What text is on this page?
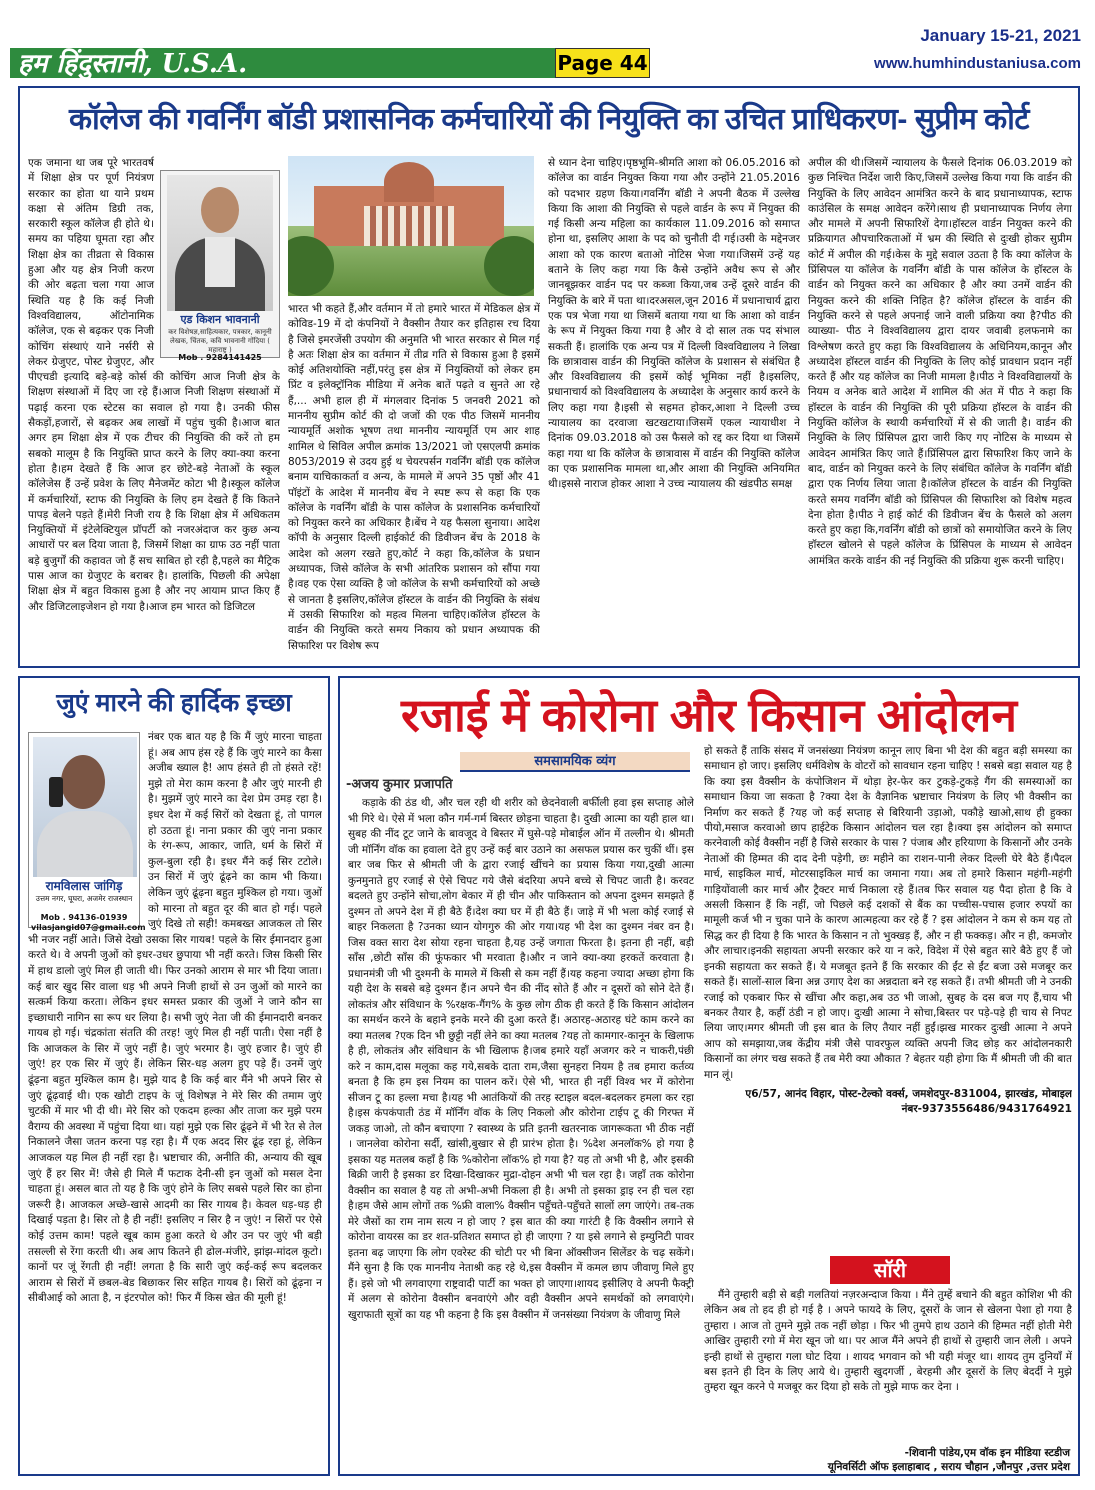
हम हिंदुस्तानी, U.S.A.	Page 44
January 15-21, 2021
www.humhindustaniusa.com
कॉलेज की गवर्निंग बॉडी प्रशासनिक कर्मचारियों की नियुक्ति का उचित प्राधिकरण- सुप्रीम कोर्ट
एड किशन भावनानी
कर विशेषज्ञ,साहित्यकार, पत्रकार, कानूनी लेखक, चिंतक, कवि भावनानी गोंदिया ( महाराष्ट्र )
Mob . 9284141425

एक जमाना था जब पूरे भारतवर्ष में शिक्षा क्षेत्र पर पूर्ण नियंत्रण सरकार का होता था याने प्रथम कक्षा से अंतिम डिग्री तक, सरकारी स्कूल कॉलेज ही होते थे। समय का पहिया घूमता रहा और शिक्षा क्षेत्र का तीव्रता से विकास हुआ और यह क्षेत्र निजी करण की ओर बढ़ता चला गया आज स्थिति यह है कि कई निजी विश्वविद्यालय, ऑटोनामिक कॉलेज, एक से बढ़कर एक निजी कोचिंग संस्थाएं याने नर्सरी से लेकर ग्रेजुएट, पोस्ट ग्रेजुएट, और पीएचडी इत्यादि बड़े-बड़े कोर्स की कोचिंग आज निजी क्षेत्र के शिक्षण संस्थाओं में दिए जा रहे हैं।आज निजी शिक्षण संस्थाओं में पढ़ाई करना एक स्टेटस का सवाल हो गया है। उनकी फीस सैकड़ों,हजारों, से बढ़कर अब लाखों में पहुंच चुकी है।आज बात अगर हम शिक्षा क्षेत्र में एक टीचर की नियुक्ति की करें तो हम सबको मालूम है कि नियुक्ति प्राप्त करने के लिए क्या-क्या करना होता है।हम देखते हैं कि आज हर छोटे-बड़े नेताओं के स्कूल कॉलेजेस हैं उन्हें प्रवेश के लिए मैनेजमेंट कोटा भी है।स्कूल कॉलेज में कर्मचारियों, स्टाफ की नियुक्ति के लिए हम देखते हैं कि कितने पापड़ बेलने पड़ते हैं।मेरी निजी राय है कि शिक्षा क्षेत्र में अधिकतम नियुक्तियों में इंटेलेक्टियुल प्रॉपर्टी को नजरअंदाज कर कुछ अन्य आधारों पर बल दिया जाता है, जिसमें शिक्षा का ग्राफ उठ नहीं पाता बड़े बुजुर्गों की कहावत जो हैं सच साबित हो रही है,पहले का मैट्रिक पास आज का ग्रेजुएट के बराबर है। हालांकि, पिछली की अपेक्षा शिक्षा क्षेत्र में बहुत विकास हुआ है और नए आयाम प्राप्त किए हैं और डिजिटलाइजेशन हो गया है।आज हम भारत को डिजिटल

भारत भी कहते हैं,और वर्तमान में तो हमारे भारत में मेडिकल क्षेत्र में कोविड-19 में दो कंपनियों ने वैक्सीन तैयार कर इतिहास रच दिया है जिसे इमरजेंसी उपयोग की अनुमति भी भारत सरकार से मिल गई है अतः शिक्षा क्षेत्र का वर्तमान में तीव्र गति से विकास हुआ है इसमें कोई अतिशयोक्ति नहीं,परंतु इस क्षेत्र में नियुक्तियों को लेकर हम प्रिंट व इलेक्ट्रॉनिक मीडिया में अनेक बातें पढ़ते व सुनते आ रहे हैं,... अभी हाल ही में मंगलवार दिनांक 5 जनवरी 2021 को माननीय सुप्रीम कोर्ट की दो जजों की एक पीठ जिसमें माननीय न्यायमूर्ति अशोक भूषण तथा माननीय न्यायमूर्ति एम आर शाह शामिल थे सिविल अपील क्रमांक 13/2021 जो एसएलपी क्रमांक 8053/2019 से उदय हुई थ चेयरपर्सन गवर्निंग बॉडी एक कॉलेज बनाम याचिकाकर्ता व अन्य, के मामले में अपने 35 पृष्ठों और 41 पॉइंटों के आदेश में माननीय बेंच ने स्पष्ट रूप से कहा कि एक कॉलेज के गवर्निंग बॉडी के पास कॉलेज के प्रशासनिक कर्मचारियों को नियुक्त करने का अधिकार है।बेंच ने यह फैसला सुनाया। आदेश कॉपी के अनुसार दिल्ली हाईकोर्ट की डिवीजन बेंच के 2018 के आदेश को अलग रखते हुए,कोर्ट ने कहा कि,कॉलेज के प्रधान अध्यापक, जिसे कॉलेज के सभी आंतरिक प्रशासन को सौंपा गया है।वह एक ऐसा व्यक्ति है जो कॉलेज के सभी कर्मचारियों को अच्छे से जानता है इसलिए,कॉलेज हॉस्टल के वार्डन की नियुक्ति के संबंध में उसकी सिफारिश को महत्व मिलना चाहिए।कॉलेज हॉस्टल के वार्डन की नियुक्ति करते समय निकाय को प्रधान अध्यापक की सिफारिश पर विशेष रूप

से ध्यान देना चाहिए।पृष्ठभूमि-श्रीमति आशा को 06.05.2016 को कॉलेज का वार्डन नियुक्त किया गया और उन्होंने 21.05.2016 को पदभार ग्रहण किया।गवर्निंग बॉडी ने अपनी बैठक में उल्लेख किया कि आशा की नियुक्ति से पहले वार्डन के रूप में नियुक्त की गई किसी अन्य महिला का कार्यकाल 11.09.2016 को समाप्त होना था, इसलिए आशा के पद को चुनौती दी गई।उसी के मद्देनजर आशा को एक कारण बताओ नोटिस भेजा गया।जिसमें उन्हें यह बताने के लिए कहा गया कि कैसे उन्होंने अवैध रूप से और जानबूझकर वार्डन पद पर कब्जा किया,जब उन्हें दूसरे वार्डन की नियुक्ति के बारे में पता था।दरअसल,जून 2016 में प्रधानाचार्य द्वारा एक पत्र भेजा गया था जिसमें बताया गया था कि आशा को वार्डन के रूप में नियुक्त किया गया है और वे दो साल तक पद संभाल सकती हैं। हालांकि एक अन्य पत्र में दिल्ली विश्वविद्यालय ने लिखा कि छात्रावास वार्डन की नियुक्ति कॉलेज के प्रशासन से संबंधित है और विश्वविद्यालय की इसमें कोई भूमिका नहीं है।इसलिए, प्रधानाचार्य को विश्वविद्यालय के अध्यादेश के अनुसार कार्य करने के लिए कहा गया है।इसी से सहमत होकर,आशा ने दिल्ली उच्च न्यायालय का दरवाजा खटखटाया।जिसमें एकल न्यायाधीश ने दिनांक 09.03.2018 को उस फैसले को रद्द कर दिया था जिसमें कहा गया था कि कॉलेज के छात्रावास में वार्डन की नियुक्ति कॉलेज का एक प्रशासनिक मामला था,और आशा की नियुक्ति अनियमित थी।इससे नाराज होकर आशा ने उच्च न्यायालय की खंडपीठ समक्ष

अपील की थी।जिसमें न्यायालय के फैसले दिनांक 06.03.2019 को कुछ निश्चित निर्देश जारी किए,जिसमें उल्लेख किया गया कि वार्डन की नियुक्ति के लिए आवेदन आमंत्रित करने के बाद प्रधानाध्यापक, स्टाफ काउंसिल के समक्ष आवेदन करेंगे।साथ ही प्रधानाध्यापक निर्णय लेगा और मामले में अपनी सिफारिशें देगा।हॉस्टल वार्डन नियुक्त करने की प्रक्रियागत औपचारिकताओं में भ्रम की स्थिति से दुःखी होकर सुप्रीम कोर्ट में अपील की गई।केस के मुद्दे सवाल उठता है कि क्या कॉलेज के प्रिंसिपल या कॉलेज के गवर्निंग बॉडी के पास कॉलेज के हॉस्टल के वार्डन को नियुक्त करने का अधिकार है और क्या उनमें वार्डन की नियुक्त करने की शक्ति निहित है? कॉलेज हॉस्टल के वार्डन की नियुक्ति करने से पहले अपनाई जाने वाली प्रक्रिया क्या है?पीठ की व्याख्या- पीठ ने विश्वविद्यालय द्वारा दायर जवाबी हलफनामे का विश्लेषण करते हुए कहा कि विश्वविद्यालय के अधिनियम,कानून और अध्यादेश हॉस्टल वार्डन की नियुक्ति के लिए कोई प्रावधान प्रदान नहीं करते हैं और यह कॉलेज का निजी मामला है।पीठ ने विश्वविद्यालयों के नियम व अनेक बाते आदेश में शामिल की अंत में पीठ ने कहा कि हॉस्टल के वार्डन की नियुक्ति की पूरी प्रक्रिया हॉस्टल के वार्डन की नियुक्ति कॉलेज के स्थायी कर्मचारियों में से की जाती है। वार्डन की नियुक्ति के लिए प्रिंसिपल द्वारा जारी किए गए नोटिस के माध्यम से आवेदन आमंत्रित किए जाते हैं।प्रिंसिपल द्वारा सिफारिश किए जाने के बाद, वार्डन को नियुक्त करने के लिए संबंधित कॉलेज के गवर्निंग बॉडी द्वारा एक निर्णय लिया जाता है।कॉलेज हॉस्टल के वार्डन की नियुक्ति करते समय गवर्निंग बॉडी को प्रिंसिपल की सिफारिश को विशेष महत्व देना होता है।पीठ ने हाई कोर्ट की डिवीजन बेंच के फैसले को अलग करते हुए कहा कि,गवर्निंग बॉडी को छात्रों को समायोजित करने के लिए हॉस्टल खोलने से पहले कॉलेज के प्रिंसिपल के माध्यम से आवेदन आमंत्रित करके वार्डन की नई नियुक्ति की प्रक्रिया शुरू करनी चाहिए।

जुएं मारने की हार्दिक इच्छा
रामविलास जांगिड़
उत्तम नगर, घूघरा, अजमेर राजस्थान
Mob . 94136-01939
vilasjangid07@gmail.com

नंबर एक बात यह है कि मैं जुएं मारना चाहता हूं। अब आप हंस रहे हैं कि जुएं मारने का कैसा अजीब ख्याल है! आप हंसते ही तो हंसते रहें! मुझे तो मेरा काम करना है और जुएं मारनी ही है। मुझमें जुएं मारने का देश प्रेम उमड़ रहा है। इधर देश में कई सिरों को देखता हूं, तो पागल हो उठता हूं। नाना प्रकार की जुएं नाना प्रकार के रंग-रूप, आकार, जाति, धर्म के सिरों में कुल-बुला रही है। इधर मैंने कई सिर टटोले। उन सिरों में जुएं ढूंढ़ने का काम भी किया। लेकिन जुएं ढूंढ़ना बहुत मुश्किल हो गया। जुओं को मारना तो बहुत दूर की बात हो गई। पहले जुएं दिखे तो सही! कमबख्त आजकल तो सिर भी नजर नहीं आते। जिसे देखो उसका सिर गायब! पहले के सिर ईमानदार हुआ करते थे। वे अपनी जुओं को इधर-उधर छुपाया भी नहीं करते। जिस किसी सिर में हाथ डालो जुएं मिल ही जाती थी। फिर उनको आराम से मार भी दिया जाता। कई बार खुद सिर वाला धड़ भी अपने निजी हाथों से उन जुओं को मारने का सत्कर्म किया करता। लेकिन इधर समस्त प्रकार की जुओं ने जाने कौन सा इच्छाधारी नागिन सा रूप धर लिया है। सभी जुएं नेता जी की ईमानदारी बनकर गायब हो गई। चंद्रकांता संतति की तरह! जुएं मिल ही नहीं पाती। ऐसा नहीं है कि आजकल के सिर में जुएं नहीं है। जुएं भरमार है। जुएं हजार है। जुएं ही जुएं! हर एक सिर में जुएं हैं। लेकिन सिर-धड़ अलग हुए पड़े हैं। उनमें जुएं ढूंढ़ना बहुत मुश्किल काम है। मुझे याद है कि कई बार मैंने भी अपने सिर से जुएं ढूंढ़वाई थी। एक खोटी टाइप के जूं विशेषज्ञ ने मेरे सिर की तमाम जुएं चुटकी में मार भी दी थी। मेरे सिर को एकदम हल्का और ताजा कर मुझे परम वैराग्य की अवस्था में पहुंचा दिया था। यहां मुझे एक सिर ढूंढ़ने में भी रेत से तेल निकालने जैसा जतन करना पड़ रहा है। मैं एक अदद सिर ढूंढ़ रहा हूं, लेकिन आजकल यह मिल ही नहीं रहा है। भ्रष्टाचार की, अनीति की, अन्याय की खूब जुएं हैं हर सिर में! जैसे ही मिले मैं फटाक देनी-सी इन जुओं को मसल देना चाहता हूं। असल बात तो यह है कि जुएं होने के लिए सबसे पहले सिर का होना जरूरी है। आजकल अच्छे-खासे आदमी का सिर गायब है। केवल धड़-धड़ ही दिखाई पड़ता है। सिर तो है ही नहीं! इसलिए न सिर है न जुएं! न सिरों पर ऐसे कोई उत्तम काम! पहले खूब काम हुआ करते थे और उन पर जुएं भी बड़ी तसल्ली से रेंगा करती थी। अब आप कितने ही ढोल-मंजीरे, झांझ-मांदल कूटो। कानों पर जूं रेंगती ही नहीं! लगता है कि सारी जुएं कई-कई रूप बदलकर आराम से सिरों में छबल-बेड बिछाकर सिर सहित गायब है। सिरों को ढूंढ़ना न सीबीआई को आता है, न इंटरपोल को! फिर मैं किस खेत की मूली हूं!

रजाई में कोरोना और किसान आंदोलन
समसामयिक व्यंग
-अजय कुमार प्रजापति

कड़ाके की ठंड थी, और चल रही थी शरीर को छेदनेवाली बर्फीली हवा इस सप्ताह ओले भी गिरे थे। ऐसे में भला कौन गर्म-गर्म बिस्तर छोड़ना चाहता है। दुखी आत्मा का यही हाल था। सुबह की नींद टूट जाने के बावजूद वे बिस्तर में घुसे-पड़े मोबाईल ऑन में तल्लीन थे। श्रीमती जी मॉर्निंग वॉक का हवाला देते हुए उन्हें कई बार उठाने का असफल प्रयास कर चुकीं थीं। इस बार जब फिर से श्रीमती जी के द्वारा रजाई खींचने का प्रयास किया गया,दुखी आत्मा कुनमुनाते हुए रजाई से ऐसे चिपट गये जैसे बंदरिया अपने बच्चे से चिपट जाती है। करवट बदलते हुए उन्होंने सोचा,लोग बेकार में ही चीन और पाकिस्तान को अपना दुश्मन समझते हैं दुश्मन तो अपने देश में ही बैठे हैं।देश क्या घर में ही बैठे हैं। जाड़े में भी भला कोई रजाई से बाहर निकलता है ?उनका ध्यान योगगुरु की ओर गया।यह भी देश का दुश्मन नंबर वन है। जिस वक्त सारा देश सोया रहना चाहता है,यह उन्हें जगाता फिरता है। इतना ही नहीं, बड़ी साँस ,छोटी साँस की फूंफकार भी मरवाता है।और न जाने क्या-क्या हरकतें करवाता है। प्रधानमंत्री जी भी दुश्मनी के मामले में किसी से कम नहीं हैं।यह कहना ज्यादा अच्छा होगा कि यही देश के सबसे बड़े दुश्मन हैं।न अपने चैन की नींद सोते हैं और न दूसरों को सोने देते हैं। लोकतंत्र और संविधान के %रक्षक-गैंग% के कुछ लोग ठीक ही करते हैं कि किसान आंदोलन का समर्थन करने के बहाने इनके मरने की दुआ करते हैं। अठारह-अठारह घंटे काम करने का क्या मतलब ?एक दिन भी छुट्टी नहीं लेने का क्या मतलब ?यह तो कामगार-कानून के खिलाफ है ही, लोकतंत्र और संविधान के भी खिलाफ है।जब हमारे यहाँ अजगर करे न चाकरी,पंछी करे न काम,दास मलूका कह गये,सबके दाता राम,जैसा सुनहरा नियम है तब हमारा कर्तव्य बनता है कि हम इस नियम का पालन करें। ऐसे भी, भारत ही नहीं विश्व भर में कोरोना सीजन टू का हल्ला मचा है।यह भी आतंकियों की तरह स्टाइल बदल-बदलकर हमला कर रहा है।इस कंपकंपाती ठंड में मॉर्निंग वॉक के लिए निकलो और कोरोना टाईप टू की गिरफ्त में जकड़ जाओ, तो कौन बचाएगा ? स्वास्थ्य के प्रति इतनी खतरनाक जागरूकता भी ठीक नहीं । जानलेवा कोरोना सर्दी, खांसी,बुखार से ही प्रारंभ होता है। %देश अनलॉक% हो गया है इसका यह मतलब कहाँ है कि %कोरोना लॉक% हो गया है? यह तो अभी भी है, और इसकी बिक्री जारी है इसका डर दिखा-दिखाकर मुद्रा-दोहन अभी भी चल रहा है। जहाँ तक कोरोना वैक्सीन का सवाल है यह तो अभी-अभी निकला ही है। अभी तो इसका ड्राइ रन ही चल रहा है।हम जैसे आम लोगों तक %फ्री वाला% वैक्सीन पहुँचते-पहुँचते सालों लग जाएंगे। तब-तक मेरे जैसों का राम नाम सत्य न हो जाए ? इस बात की क्या गारंटी है कि वैक्सीन लगाने से कोरोना वायरस का डर शत-प्रतिशत समाप्त हो ही जाएगा ? या इसे लगाने से इम्युनिटी पावर इतना बढ़ जाएगा कि लोग एवरेस्ट की चोटी पर भी बिना ऑक्सीजन सिलेंडर के चढ़ सकेंगे। मैंने सुना है कि एक माननीय नेताश्री कह रहे थे,इस वैक्सीन में कमल छाप जीवाणु मिले हुए हैं। इसे जो भी लगवाएगा राष्ट्रवादी पार्टी का भक्त हो जाएगा।शायद इसीलिए वे अपनी फैक्ट्री में अलग से कोरोना वैक्सीन बनवाएंगे और वही वैक्सीन अपने समर्थकों को लगवाएंगे। खुराफाती सूत्रों का यह भी कहना है कि इस वैक्सीन में जनसंख्या नियंत्रण के जीवाणु मिले

हो सकते हैं ताकि संसद में जनसंख्या नियंत्रण कानून लाए बिना भी देश की बहुत बड़ी समस्या का समाधान हो जाए। इसलिए धर्मविशेष के वोटरों को सावधान रहना चाहिए ! सबसे बड़ा सवाल यह है कि क्या इस वैक्सीन के कंपोजिशन में थोड़ा हेर-फेर कर टुकड़े-टुकड़े गैंग की समस्याओं का समाधान किया जा सकता है ?क्या देश के वैज्ञानिक भ्रष्टाचार नियंत्रण के लिए भी वैक्सीन का निर्माण कर सकते हैं ?यह जो कई सप्ताह से बिरियानी उड़ाओ, पकौड़े खाओ,साथ ही हुक्का पीयो,मसाज करवाओ छाप हाईटेक किसान आंदोलन चल रहा है।क्या इस आंदोलन को समाप्त करनेवाली कोई वैक्सीन नहीं है जिसे सरकार के पास ? पंजाब और हरियाणा के किसानों और उनके नेताओं की हिम्मत की दाद देनी पड़ेगी, छः महीने का राशन-पानी लेकर दिल्ली घेरे बैठे हैं।पैदल मार्च, साइकिल मार्च, मोटरसाइकिल मार्च का जमाना गया। अब तो हमारे किसान महंगी-महंगी गाड़ियोंवाली कार मार्च और ट्रैक्टर मार्च निकाला रहे हैं।तब फिर सवाल यह पैदा होता है कि वे असली किसान हैं कि नहीं, जो पिछले कई दशकों से बैंक का पच्चीस-पचास हजार रुपयों का मामूली कर्ज भी न चुका पाने के कारण आत्महत्या कर रहे हैं ? इस आंदोलन ने कम से कम यह तो सिद्ध कर ही दिया है कि भारत के किसान न तो भुक्खड़ हैं, और न ही फक्कड़। और न ही, कमजोर और लाचार।इनकी सहायता अपनी सरकार करे या न करे, विदेश में ऐसे बहुत सारे बैठे हुए हैं जो इनकी सहायता कर सकते हैं। ये मजबूत इतने हैं कि सरकार की ईंट से ईंट बजा उसे मजबूर कर सकते हैं। सालों-साल बिना अन्न उगाए देश का अन्नदाता बने रह सकते हैं। तभी श्रीमती जी ने उनकी रजाई को एकबार फिर से खींचा और कहा,अब उठ भी जाओ, सुबह के दस बज गए हैं,चाय भी बनकर तैयार है, कहीं ठंडी न हो जाए। दुःखी आत्मा ने सोचा,बिस्तर पर पड़े-पड़े ही चाय से निपट लिया जाए।मगर श्रीमती जी इस बात के लिए तैयार नहीं हुईं।झख मारकर दुःखी आत्मा ने अपने आप को समझाया,जब केंद्रीय मंत्री जैसे पावरफुल व्यक्ति अपनी जिद छोड़ कर आंदोलनकारी किसानों का लंगर चख सकते हैं तब मेरी क्या औकात ? बेहतर यही होगा कि मैं श्रीमती जी की बात मान लूं।

ए6/57, आनंद विहार, पोस्ट-टेल्को वर्क्स, जमशेदपुर-831004, झारखंड, मोबाइल नंबर-9373556486/9431764921
सॉरी

मैंने तुम्हारी बड़ी से बड़ी गलतियां नज़रअन्दाज किया । मैंने तुम्हें बचाने की बहुत कोशिश भी की लेकिन अब तो हद ही हो गई है । अपने फायदे के लिए, दूसरों के जान से खेलना पेशा हो गया है तुम्हारा । आज तो तुमने मुझे तक नहीं छोड़ा । फिर भी तुमपे हाथ उठाने की हिम्मत नहीं होती मेरी आखिर तुम्हारी रगो में मेरा खून जो था। पर आज मैंने अपने ही हाथों से तुम्हारी जान लेली । अपने इन्ही हाथों से तुम्हारा गला घोट दिया । शायद भगवान को भी यही मंजूर था। शायद तुम दुनियाँ में बस इतने ही दिन के लिए आये थे। तुम्हारी खुदगर्जी , बेरहमी और दूसरों के लिए बेदर्दी ने मुझे तुम्हरा खून करने पे मजबूर कर दिया हो सके तो मुझे माफ कर देना ।

-शिवानी पांडेय,एम वॉक इन मीडिया स्टडीज
यूनिवर्सिटी ऑफ इलाहाबाद , सराय चौहान ,जौनपुर ,उत्तर प्रदेश
